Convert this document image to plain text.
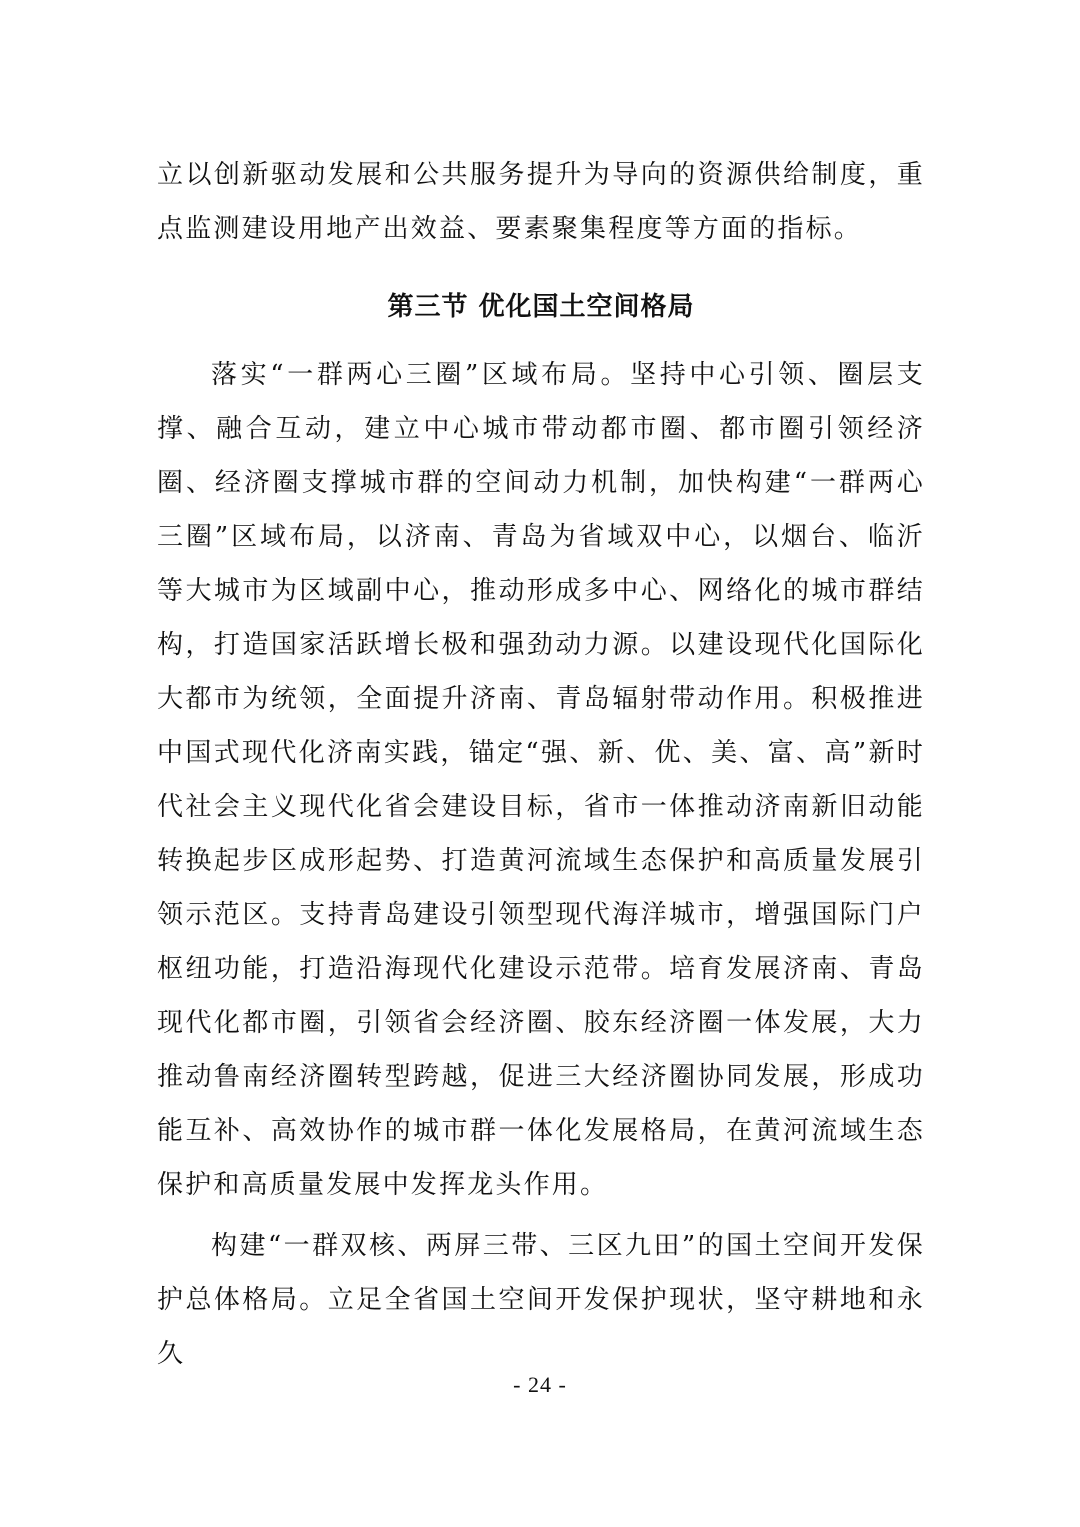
立以创新驱动发展和公共服务提升为导向的资源供给制度，重点监测建设用地产出效益、要素聚集程度等方面的指标。

第三节 优化国土空间格局

落实“一群两心三圈”区域布局。坚持中心引领、圈层支撑、融合互动，建立中心城市带动都市圈、都市圈引领经济圈、经济圈支撑城市群的空间动力机制，加快构建“一群两心三圈”区域布局，以济南、青岛为省域双中心，以烟台、临沂等大城市为区域副中心，推动形成多中心、网络化的城市群结构，打造国家活跃增长极和强劲动力源。以建设现代化国际化大都市为统领，全面提升济南、青岛辐射带动作用。积极推进中国式现代化济南实践，锚定“强、新、优、美、富、高”新时代社会主义现代化省会建设目标，省市一体推动济南新旧动能转换起步区成形起势、打造黄河流域生态保护和高质量发展引领示范区。支持青岛建设引领型现代海洋城市，增强国际门户枢纽功能，打造沿海现代化建设示范带。培育发展济南、青岛现代化都市圈，引领省会经济圈、胶东经济圈一体发展，大力推动鲁南经济圈转型跨越，促进三大经济圈协同发展，形成功能互补、高效协作的城市群一体化发展格局，在黄河流域生态保护和高质量发展中发挥龙头作用。

构建“一群双核、两屏三带、三区九田”的国土空间开发保护总体格局。立足全省国土空间开发保护现状，坚守耕地和永久

- 24 -
